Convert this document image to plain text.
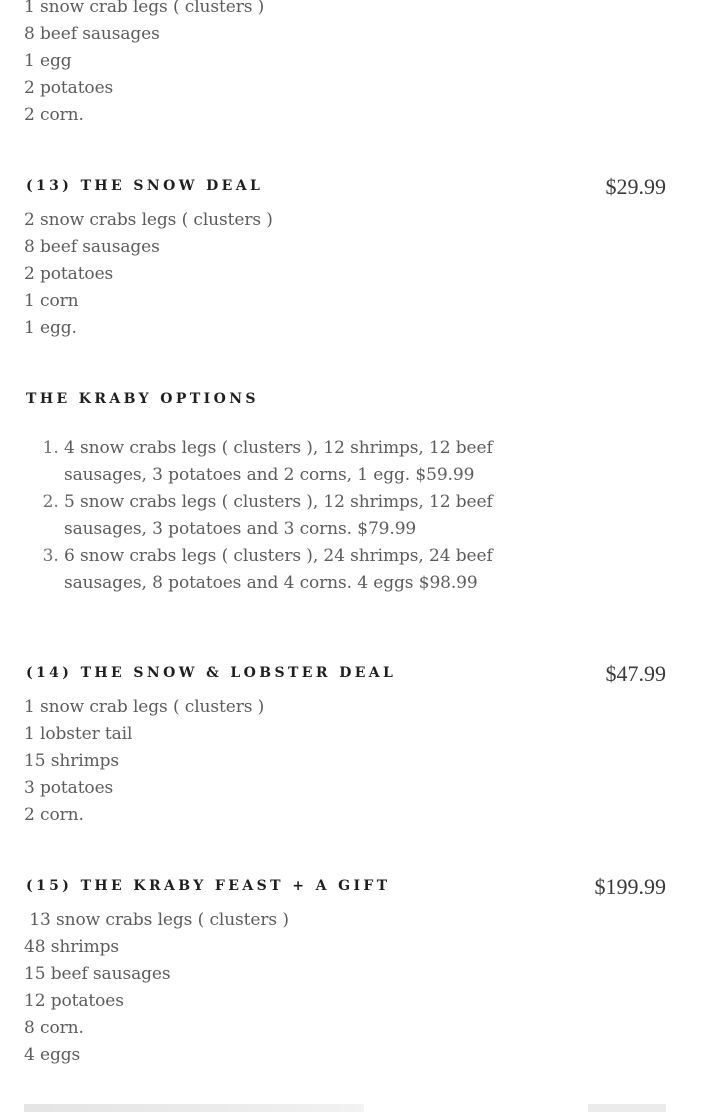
1 snow crab legs ( clusters )
8 beef sausages
1 egg
2 potatoes
2 corn.
(13) THE SNOW DEAL	$29.99
2 snow crabs legs ( clusters )
8 beef sausages
2 potatoes
1 corn
1 egg.
THE KRABY OPTIONS
1. 4 snow crabs legs ( clusters ), 12 shrimps, 12 beef sausages, 3 potatoes and 2 corns, 1 egg. $59.99
2. 5 snow crabs legs ( clusters ), 12 shrimps, 12 beef sausages, 3 potatoes and 3 corns. $79.99
3. 6 snow crabs legs ( clusters ), 24 shrimps, 24 beef sausages, 8 potatoes and 4 corns. 4 eggs $98.99
(14) THE SNOW & LOBSTER DEAL	$47.99
1 snow crab legs ( clusters )
1 lobster tail
15 shrimps
3 potatoes
2 corn.
(15) THE KRABY FEAST + A GIFT	$199.99
13 snow crabs legs ( clusters )
48 shrimps
15 beef sausages
12 potatoes
8 corn.
4 eggs
